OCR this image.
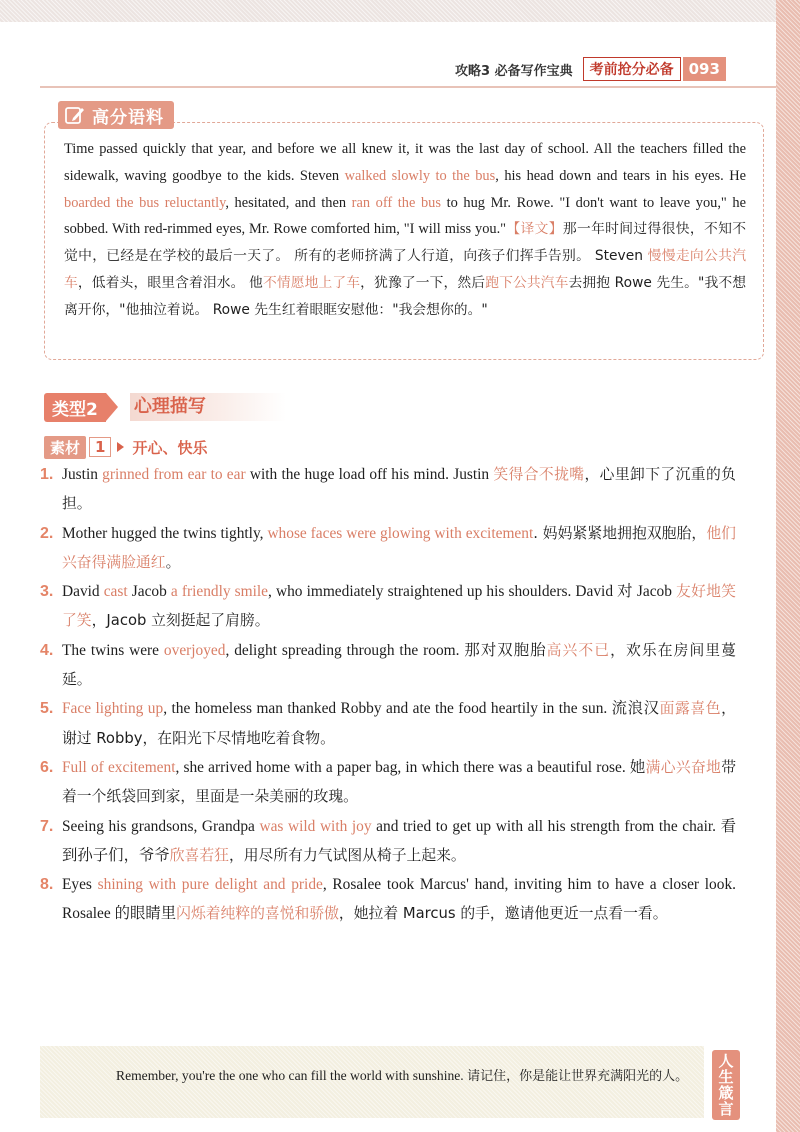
攻略3 必备写作宝典	考前抢分必备	093
高分语料
Time passed quickly that year, and before we all knew it, it was the last day of school. All the teachers filled the sidewalk, waving goodbye to the kids. Steven walked slowly to the bus, his head down and tears in his eyes. He boarded the bus reluctantly, hesitated, and then ran off the bus to hug Mr. Rowe. "I don't want to leave you," he sobbed. With red-rimmed eyes, Mr. Rowe comforted him, "I will miss you."【译文】那一年时间过得很快，不知不觉中，已经是在学校的最后一天了。 所有的老师挤满了人行道，向孩子们挥手告别。 Steven 慢慢走向公共汽车，低着头，眼里含着泪水。 他不情愿地上了车，犹豫了一下，然后跑下公共汽车去拥抱 Rowe 先生。"我不想离开你，"他抽泣着说。 Rowe 先生红着眼眶安慰他："我会想你的。"
类型2	心理描写
素材	1	开心、快乐
1. Justin grinned from ear to ear with the huge load off his mind. Justin 笑得合不拢嘴，心里卸下了沉重的负担。
2. Mother hugged the twins tightly, whose faces were glowing with excitement. 妈妈紧紧地拥抱双胞胎，他们兴奋得满脸通红。
3. David cast Jacob a friendly smile, who immediately straightened up his shoulders. David 对 Jacob 友好地笑了笑，Jacob 立刻挺起了肩膀。
4. The twins were overjoyed, delight spreading through the room. 那对双胞胎高兴不已，欢乐在房间里蔓延。
5. Face lighting up, the homeless man thanked Robby and ate the food heartily in the sun. 流浪汉面露喜色，谢过 Robby，在阳光下尽情地吃着食物。
6. Full of excitement, she arrived home with a paper bag, in which there was a beautiful rose. 她满心兴奋地带着一个纸袋回到家，里面是一朵美丽的玫瑰。
7. Seeing his grandsons, Grandpa was wild with joy and tried to get up with all his strength from the chair. 看到孙子们，爷爷欣喜若狂，用尽所有力气试图从椅子上起来。
8. Eyes shining with pure delight and pride, Rosalee took Marcus' hand, inviting him to have a closer look. Rosalee 的眼睛里闪烁着纯粹的喜悦和骄傲，她拉着 Marcus 的手，邀请他更近一点看一看。
Remember, you're the one who can fill the world with sunshine. 请记住，你是能让世界充满阳光的人。
人
生
箴
言
